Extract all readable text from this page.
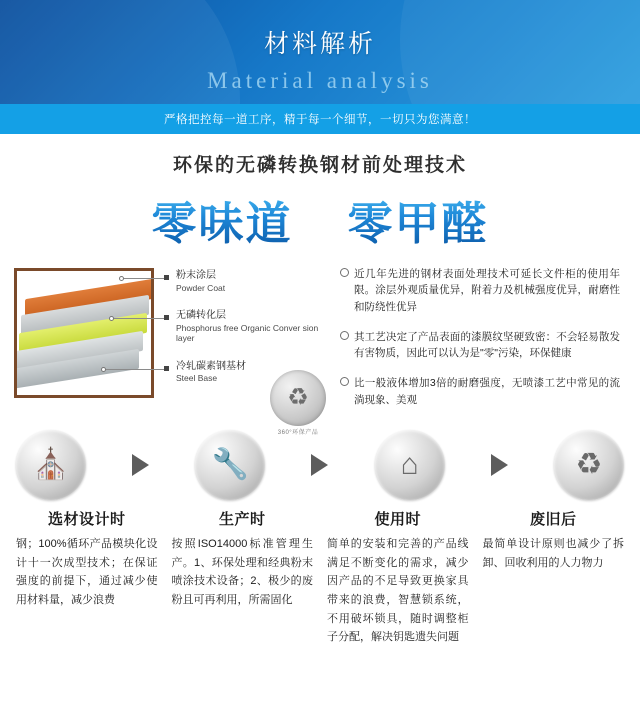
材料解析
Material analysis
严格把控每一道工序，精于每一个细节，一切只为您满意！
环保的无磷转换钢材前处理技术
零味道 零甲醛
粉末涂层
Powder Coat
无磷转化层
Phosphorus free Organic Conver sion layer
冷轧碳素钢基材
Steel Base
近几年先进的钢材表面处理技术可延长文件柜的使用年限。涂层外观质量优异，附着力及机械强度优异，耐磨性和防绕性优异
其工艺决定了产品表面的漆膜纹坚硬致密：不会轻易散发有害物质，因此可以认为是"零"污染，环保健康
比一般液体增加3倍的耐磨强度，无喷漆工艺中常见的流淌现象、美观
♻
360°环保产品
⛪	🔧	⌂	♻
选材设计时
钢；100%循环产品模块化设计十一次成型技术；在保证强度的前提下，通过减少使用材料量，减少浪费
生产时
按照ISO14000标准管理生产。1、环保处理和经典粉末喷涂技术设备；2、极少的废粉且可再利用，所需固化
使用时
简单的安装和完善的产品线满足不断变化的需求，减少因产品的不足导致更换家具带来的浪费，智慧锁系统，不用破坏锁具，随时调整柜子分配，解决钥匙遗失问题
废旧后
最简单设计原则也减少了拆卸、回收利用的人力物力
